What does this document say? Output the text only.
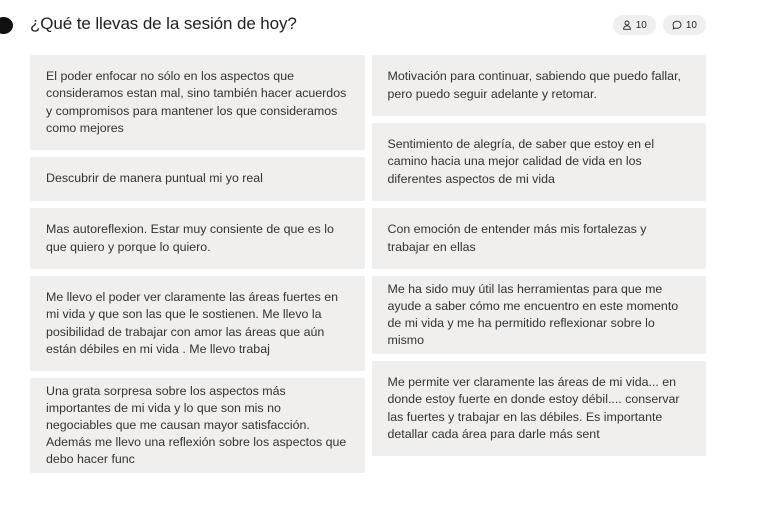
¿Qué te llevas de la sesión de hoy?	10	10
El poder enfocar no sólo en los aspectos que consideramos estan mal, sino también hacer acuerdos y compromisos para mantener los que consideramos como mejores
Descubrir de manera puntual mi yo real
Mas autoreflexion. Estar muy consiente de que es lo que quiero y porque lo quiero.
Me llevo el poder ver claramente las áreas fuertes en mi vida y que son las que le sostienen. Me llevo la posibilidad de trabajar con amor las áreas que aún están débiles en mi vida . Me llevo trabaj
Una grata sorpresa sobre los aspectos más importantes de mi vida y lo que son mis no negociables que me causan mayor satisfacción. Además me llevo una reflexión sobre los aspectos que debo hacer func
Motivación para continuar, sabiendo que puedo fallar, pero puedo seguir adelante y retomar.
Sentimiento de alegría, de saber que estoy en el camino hacia una mejor calidad de vida en los diferentes aspectos de mi vida
Con emoción de entender más mis fortalezas y trabajar en ellas
Me ha sido muy útil las herramientas para que me ayude a saber cómo me encuentro en este momento de mi vida y me ha permitido reflexionar sobre lo mismo
Me permite ver claramente las áreas de mi vida... en donde estoy fuerte en donde estoy débil.... conservar las fuertes y trabajar en las débiles. Es importante detallar cada área para darle más sent
